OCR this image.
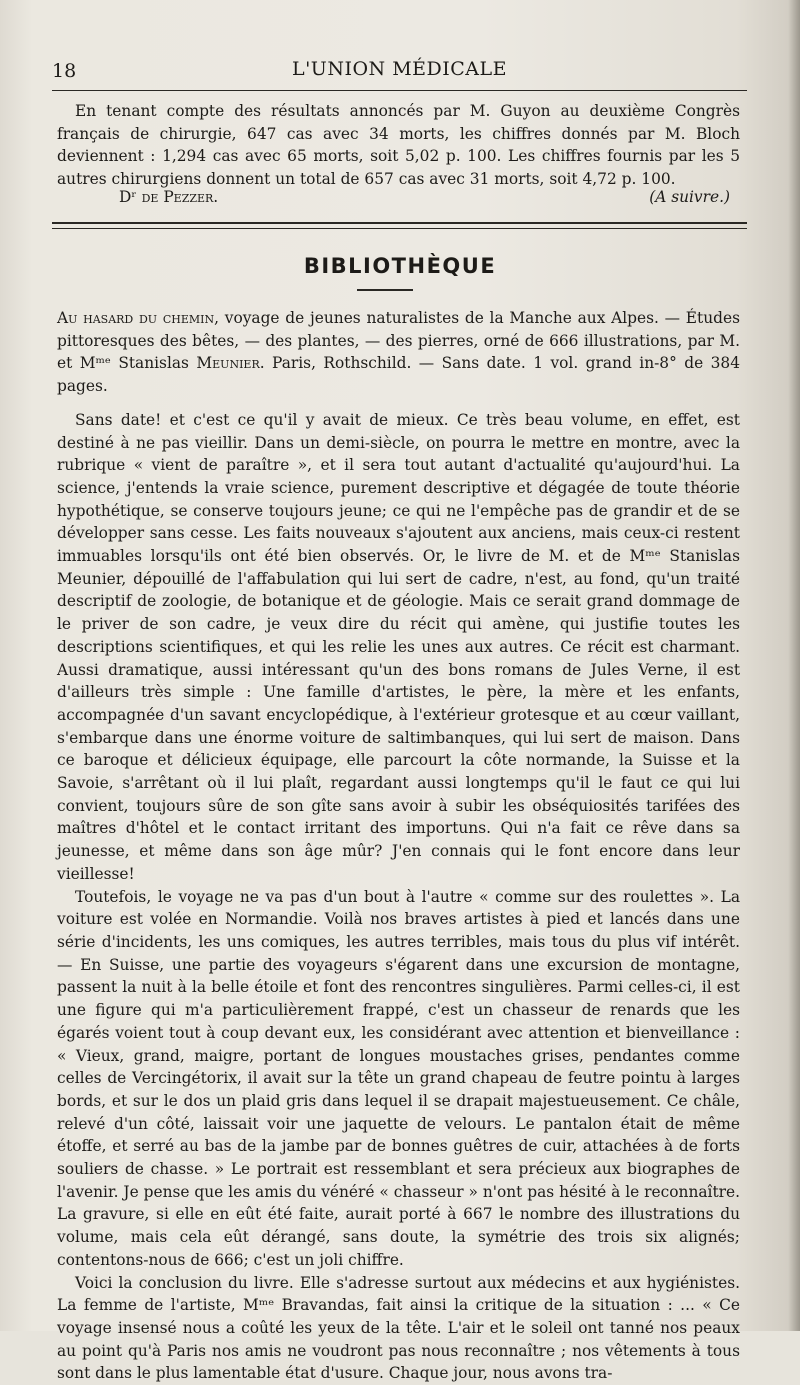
18	L'UNION MÉDICALE

En tenant compte des résultats annoncés par M. Guyon au deuxième Congrès français de chirurgie, 647 cas avec 34 morts, les chiffres donnés par M. Bloch deviennent : 1,294 cas avec 65 morts, soit 5,02 p. 100. Les chiffres fournis par les 5 autres chirurgiens donnent un total de 657 cas avec 31 morts, soit 4,72 p. 100.

Dʳ de Pezzer.	(A suivre.)
BIBLIOTHÈQUE

Au hasard du chemin, voyage de jeunes naturalistes de la Manche aux Alpes. — Études pittoresques des bêtes, — des plantes, — des pierres, orné de 666 illustrations, par M. et Mᵐᵉ Stanislas Meunier. Paris, Rothschild. — Sans date. 1 vol. grand in-8° de 384 pages.

Sans date! et c'est ce qu'il y avait de mieux. Ce très beau volume, en effet, est destiné à ne pas vieillir. Dans un demi-siècle, on pourra le mettre en montre, avec la rubrique « vient de paraître », et il sera tout autant d'actualité qu'aujourd'hui. La science, j'entends la vraie science, purement descriptive et dégagée de toute théorie hypothétique, se conserve toujours jeune; ce qui ne l'empêche pas de grandir et de se développer sans cesse. Les faits nouveaux s'ajoutent aux anciens, mais ceux-ci restent immuables lorsqu'ils ont été bien observés. Or, le livre de M. et de Mᵐᵉ Stanislas Meunier, dépouillé de l'affabulation qui lui sert de cadre, n'est, au fond, qu'un traité descriptif de zoologie, de botanique et de géologie. Mais ce serait grand dommage de le priver de son cadre, je veux dire du récit qui amène, qui justifie toutes les descriptions scientifiques, et qui les relie les unes aux autres. Ce récit est charmant. Aussi dramatique, aussi intéressant qu'un des bons romans de Jules Verne, il est d'ailleurs très simple : Une famille d'artistes, le père, la mère et les enfants, accompagnée d'un savant encyclopédique, à l'extérieur grotesque et au cœur vaillant, s'embarque dans une énorme voiture de saltimbanques, qui lui sert de maison. Dans ce baroque et délicieux équipage, elle parcourt la côte normande, la Suisse et la Savoie, s'arrêtant où il lui plaît, regardant aussi longtemps qu'il le faut ce qui lui convient, toujours sûre de son gîte sans avoir à subir les obséquiosités tarifées des maîtres d'hôtel et le contact irritant des importuns. Qui n'a fait ce rêve dans sa jeunesse, et même dans son âge mûr? J'en connais qui le font encore dans leur vieillesse!

Toutefois, le voyage ne va pas d'un bout à l'autre « comme sur des roulettes ». La voiture est volée en Normandie. Voilà nos braves artistes à pied et lancés dans une série d'incidents, les uns comiques, les autres terribles, mais tous du plus vif intérêt. — En Suisse, une partie des voyageurs s'égarent dans une excursion de montagne, passent la nuit à la belle étoile et font des rencontres singulières. Parmi celles-ci, il est une figure qui m'a particulièrement frappé, c'est un chasseur de renards que les égarés voient tout à coup devant eux, les considérant avec attention et bienveillance : « Vieux, grand, maigre, portant de longues moustaches grises, pendantes comme celles de Vercingétorix, il avait sur la tête un grand chapeau de feutre pointu à larges bords, et sur le dos un plaid gris dans lequel il se drapait majestueusement. Ce châle, relevé d'un côté, laissait voir une jaquette de velours. Le pantalon était de même étoffe, et serré au bas de la jambe par de bonnes guêtres de cuir, attachées à de forts souliers de chasse. » Le portrait est ressemblant et sera précieux aux biographes de l'avenir. Je pense que les amis du vénéré « chasseur » n'ont pas hésité à le reconnaître. La gravure, si elle en eût été faite, aurait porté à 667 le nombre des illustrations du volume, mais cela eût dérangé, sans doute, la symétrie des trois six alignés; contentons-nous de 666; c'est un joli chiffre.

Voici la conclusion du livre. Elle s'adresse surtout aux médecins et aux hygiénistes. La femme de l'artiste, Mᵐᵉ Bravandas, fait ainsi la critique de la situation : ... « Ce voyage insensé nous a coûté les yeux de la tête. L'air et le soleil ont tanné nos peaux au point qu'à Paris nos amis ne voudront pas nous reconnaître ; nos vêtements à tous sont dans le plus lamentable état d'usure. Chaque jour, nous avons tra-
